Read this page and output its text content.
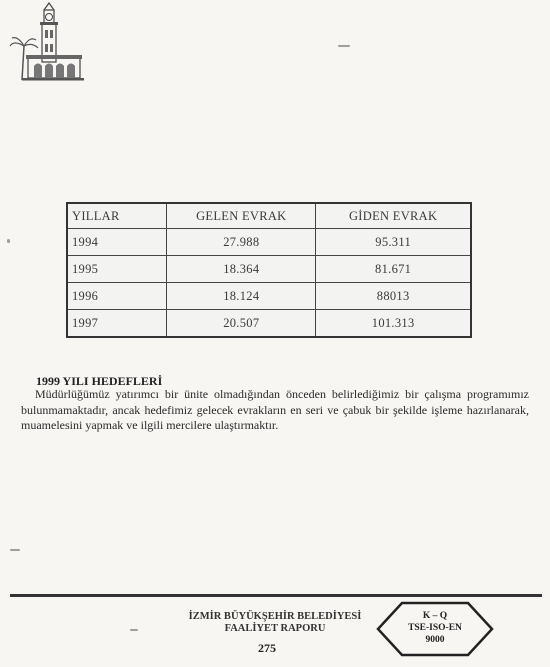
YILLAR	GELEN EVRAK	GİDEN EVRAK
1994	27.988	95.311
1995	18.364	81.671
1996	18.124	88013
1997	20.507	101.313
1999 YILI HEDEFLERİ

Müdürlüğümüz yatırımcı bir ünite olmadığından önceden belirlediğimiz bir çalışma programımız bulunmamaktadır, ancak hedefimiz gelecek evrakların en seri ve çabuk bir şekilde işleme hazırlanarak, muamelesini yapmak ve ilgili mercilere ulaştırmaktır.

İZMİR BÜYÜKŞEHİR BELEDİYESİ
FAALİYET RAPORU
275
K – Q
TSE-ISO-EN
9000
